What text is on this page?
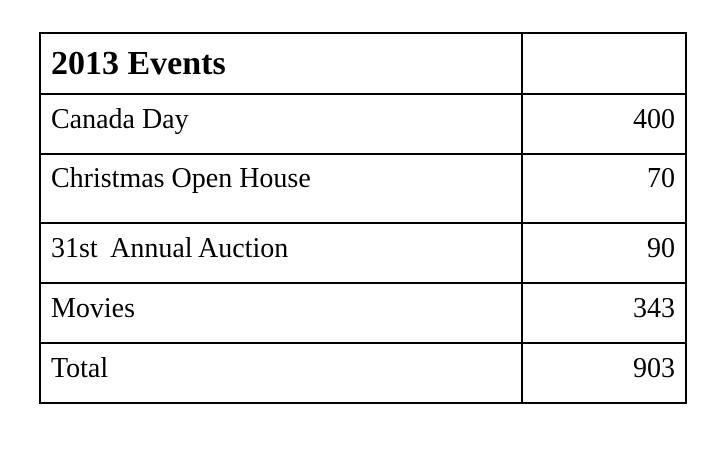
2013 Events	
Canada Day	400
Christmas Open House	70
31st  Annual Auction	90
Movies	343
Total	903
